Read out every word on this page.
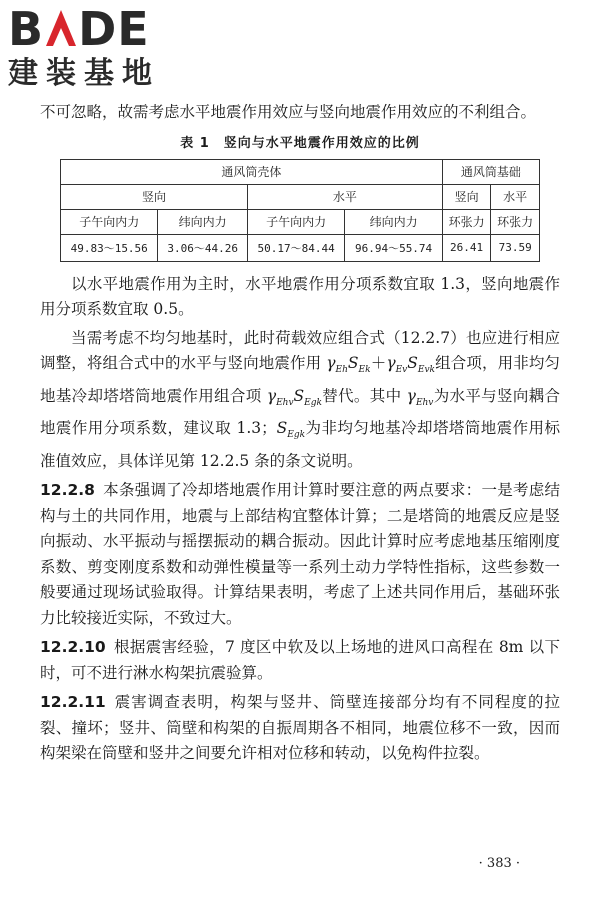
B DE
建装基地

不可忽略，故需考虑水平地震作用效应与竖向地震作用效应的不利组合。

表 1 竖向与水平地震作用效应的比例
通风筒壳体				通风筒基础	
竖向		水平		竖向	水平
子午向内力	纬向内力	子午向内力	纬向内力	环张力	环张力
49.83～15.56	3.06～44.26	50.17～84.44	96.94～55.74	26.41	73.59

以水平地震作用为主时，水平地震作用分项系数宜取 1.3，竖向地震作用分项系数宜取 0.5。

当需考虑不均匀地基时，此时荷载效应组合式（12.2.7）也应进行相应调整，将组合式中的水平与竖向地震作用 $\gamma_{Eh}S_{Ek}+\gamma_{Ev}S_{Evk}$组合项，用非均匀地基冷却塔塔筒地震作用组合项 $\gamma_{Ehv}S_{Egk}$替代。其中 $\gamma_{Ehv}$为水平与竖向耦合地震作用分项系数，建议取 1.3；$S_{Egk}$为非均匀地基冷却塔塔筒地震作用标准值效应，具体详见第 12.2.5 条的条文说明。

12.2.8 本条强调了冷却塔地震作用计算时要注意的两点要求：一是考虑结构与土的共同作用，地震与上部结构宜整体计算；二是塔筒的地震反应是竖向振动、水平振动与摇摆振动的耦合振动。因此计算时应考虑地基压缩刚度系数、剪变刚度系数和动弹性模量等一系列土动力学特性指标，这些参数一般要通过现场试验取得。计算结果表明，考虑了上述共同作用后，基础环张力比较接近实际，不致过大。

12.2.10 根据震害经验，7 度区中软及以上场地的进风口高程在 8m 以下时，可不进行淋水构架抗震验算。

12.2.11 震害调查表明，构架与竖井、筒壁连接部分均有不同程度的拉裂、撞坏；竖井、筒壁和构架的自振周期各不相同，地震位移不一致，因而构架梁在筒壁和竖井之间要允许相对位移和转动，以免构件拉裂。

· 383 ·
